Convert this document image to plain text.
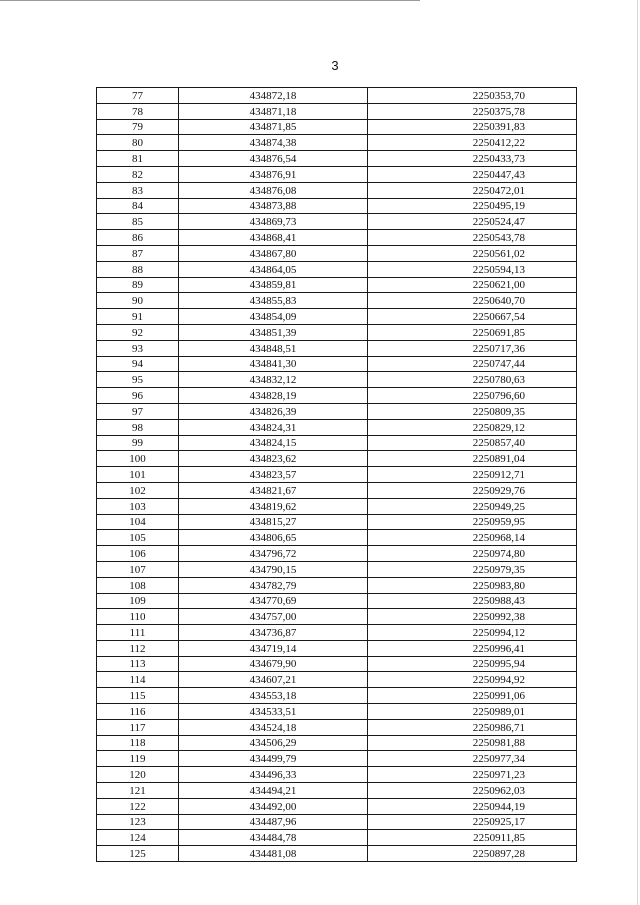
3
77	434872,18	2250353,70
78	434871,18	2250375,78
79	434871,85	2250391,83
80	434874,38	2250412,22
81	434876,54	2250433,73
82	434876,91	2250447,43
83	434876,08	2250472,01
84	434873,88	2250495,19
85	434869,73	2250524,47
86	434868,41	2250543,78
87	434867,80	2250561,02
88	434864,05	2250594,13
89	434859,81	2250621,00
90	434855,83	2250640,70
91	434854,09	2250667,54
92	434851,39	2250691,85
93	434848,51	2250717,36
94	434841,30	2250747,44
95	434832,12	2250780,63
96	434828,19	2250796,60
97	434826,39	2250809,35
98	434824,31	2250829,12
99	434824,15	2250857,40
100	434823,62	2250891,04
101	434823,57	2250912,71
102	434821,67	2250929,76
103	434819,62	2250949,25
104	434815,27	2250959,95
105	434806,65	2250968,14
106	434796,72	2250974,80
107	434790,15	2250979,35
108	434782,79	2250983,80
109	434770,69	2250988,43
110	434757,00	2250992,38
111	434736,87	2250994,12
112	434719,14	2250996,41
113	434679,90	2250995,94
114	434607,21	2250994,92
115	434553,18	2250991,06
116	434533,51	2250989,01
117	434524,18	2250986,71
118	434506,29	2250981,88
119	434499,79	2250977,34
120	434496,33	2250971,23
121	434494,21	2250962,03
122	434492,00	2250944,19
123	434487,96	2250925,17
124	434484,78	2250911,85
125	434481,08	2250897,28
